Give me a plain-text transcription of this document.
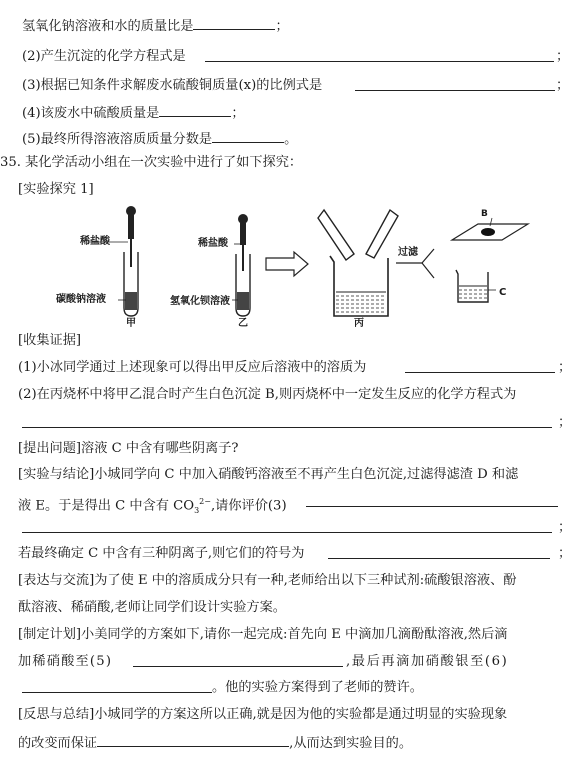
氢氧化钠溶液和水的质量比是	；
(2)产生沉淀的化学方程式是	；
(3)根据已知条件求解废水硫酸铜质量(x)的比例式是	；
(4)该废水中硫酸质量是	；
(5)最终所得溶液溶质质量分数是	。
35. 某化学活动小组在一次实验中进行了如下探究：
[实验探究 1]
稀盐酸
碳酸钠溶液
甲
稀盐酸
氢氧化钡溶液
乙	丙
过滤
B
C
[收集证据]
(1)小冰同学通过上述现象可以得出甲反应后溶液中的溶质为	；
(2)在丙烧杯中将甲乙混合时产生白色沉淀 B,则丙烧杯中一定发生反应的化学方程式为
；
[提出问题]溶液 C 中含有哪些阴离子?
[实验与结论]小城同学向 C 中加入硝酸钙溶液至不再产生白色沉淀,过滤得滤渣 D 和滤
液 E。于是得出 C 中含有 $CO_3^{2-}$,请你评价(3)
；
若最终确定 C 中含有三种阴离子,则它们的符号为	；
[表达与交流]为了使 E 中的溶质成分只有一种,老师给出以下三种试剂:硫酸银溶液、酚
酞溶液、稀硝酸,老师让同学们设计实验方案。
[制定计划]小美同学的方案如下,请你一起完成:首先向 E 中滴加几滴酚酞溶液,然后滴
加稀硝酸至(5)	,最后再滴加硝酸银至(6)
。他的实验方案得到了老师的赞许。
[反思与总结]小城同学的方案这所以正确,就是因为他的实验都是通过明显的实验现象
的改变而保证	,从而达到实验目的。
